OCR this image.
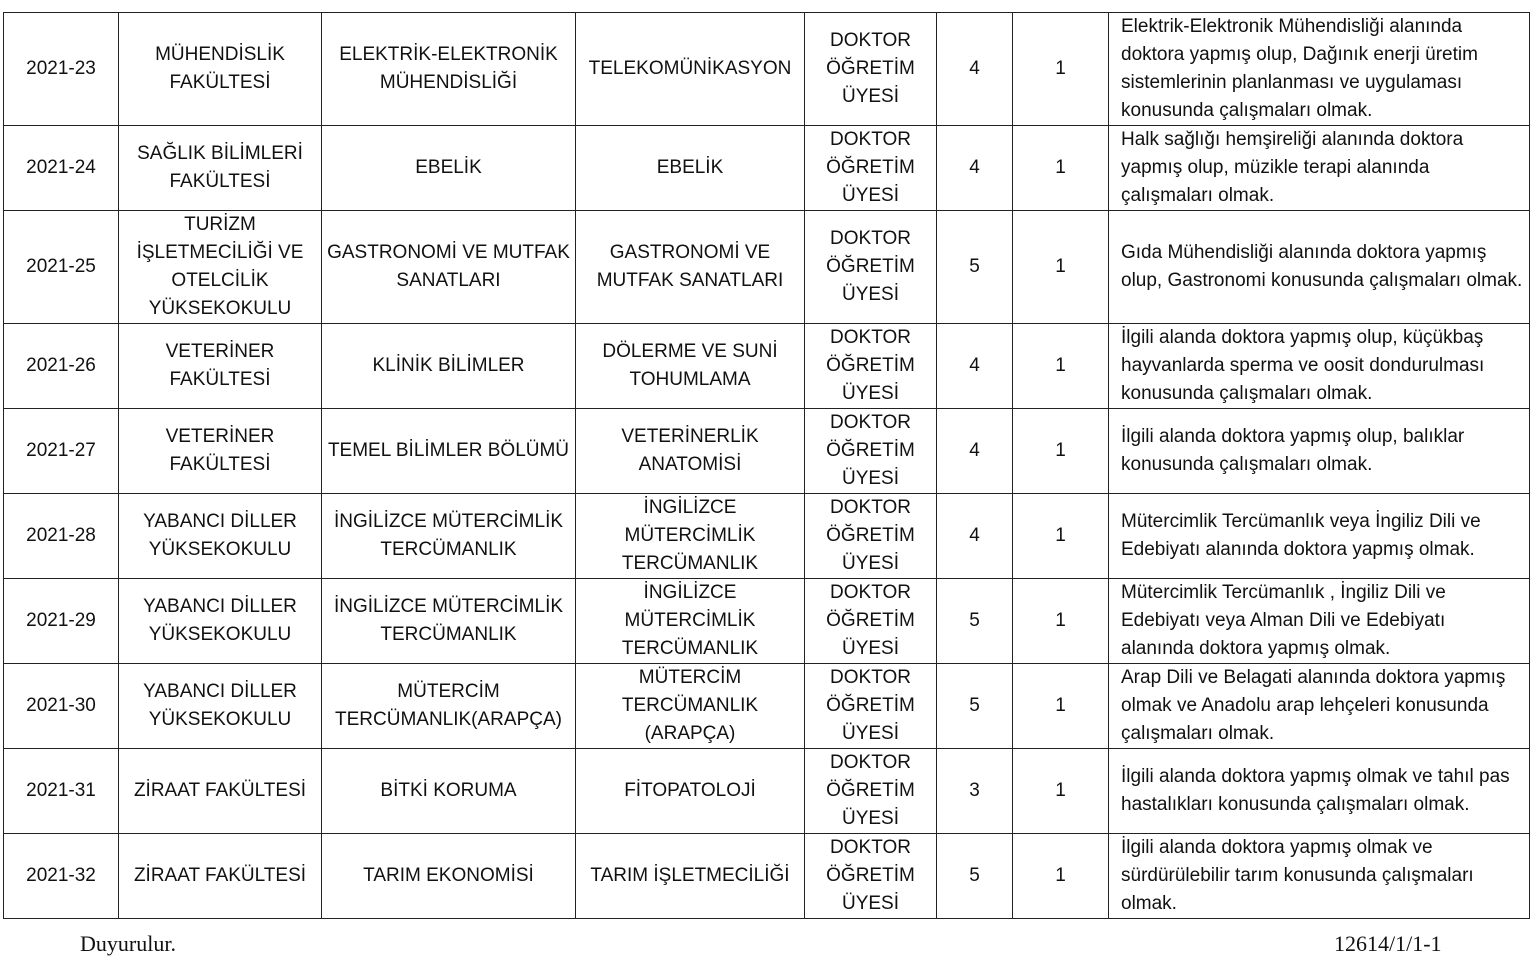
2021-23	MÜHENDİSLİK FAKÜLTESİ	ELEKTRİK-ELEKTRONİK MÜHENDİSLİĞİ	TELEKOMÜNİKASYON	DOKTOR ÖĞRETİM ÜYESİ	4	1	Elektrik-Elektronik Mühendisliği alanında doktora yapmış olup, Dağınık enerji üretim sistemlerinin planlanması ve uygulaması konusunda çalışmaları olmak.
2021-24	SAĞLIK BİLİMLERİ FAKÜLTESİ	EBELİK	EBELİK	DOKTOR ÖĞRETİM ÜYESİ	4	1	Halk sağlığı hemşireliği alanında doktora yapmış olup, müzikle terapi alanında çalışmaları olmak.
2021-25	TURİZM İŞLETMECİLİĞİ VE OTELCİLİK YÜKSEKOKULU	GASTRONOMİ VE MUTFAK SANATLARI	GASTRONOMİ VE MUTFAK SANATLARI	DOKTOR ÖĞRETİM ÜYESİ	5	1	Gıda Mühendisliği alanında doktora yapmış olup, Gastronomi konusunda çalışmaları olmak.
2021-26	VETERİNER FAKÜLTESİ	KLİNİK BİLİMLER	DÖLERME VE SUNİ TOHUMLAMA	DOKTOR ÖĞRETİM ÜYESİ	4	1	İlgili alanda doktora yapmış olup, küçükbaş hayvanlarda sperma ve oosit dondurulması konusunda çalışmaları olmak.
2021-27	VETERİNER FAKÜLTESİ	TEMEL BİLİMLER BÖLÜMÜ	VETERİNERLİK ANATOMİSİ	DOKTOR ÖĞRETİM ÜYESİ	4	1	İlgili alanda doktora yapmış olup, balıklar konusunda çalışmaları olmak.
2021-28	YABANCI DİLLER YÜKSEKOKULU	İNGİLİZCE MÜTERCİMLİK TERCÜMANLIK	İNGİLİZCE MÜTERCİMLİK TERCÜMANLIK	DOKTOR ÖĞRETİM ÜYESİ	4	1	Mütercimlik Tercümanlık veya İngiliz Dili ve Edebiyatı alanında doktora yapmış olmak.
2021-29	YABANCI DİLLER YÜKSEKOKULU	İNGİLİZCE MÜTERCİMLİK TERCÜMANLIK	İNGİLİZCE MÜTERCİMLİK TERCÜMANLIK	DOKTOR ÖĞRETİM ÜYESİ	5	1	Mütercimlik Tercümanlık , İngiliz Dili ve Edebiyatı veya Alman Dili ve Edebiyatı alanında doktora yapmış olmak.
2021-30	YABANCI DİLLER YÜKSEKOKULU	MÜTERCİM TERCÜMANLIK(ARAPÇA)	MÜTERCİM TERCÜMANLIK (ARAPÇA)	DOKTOR ÖĞRETİM ÜYESİ	5	1	Arap Dili ve Belagati alanında doktora yapmış olmak ve Anadolu arap lehçeleri konusunda çalışmaları olmak.
2021-31	ZİRAAT FAKÜLTESİ	BİTKİ KORUMA	FİTOPATOLOJİ	DOKTOR ÖĞRETİM ÜYESİ	3	1	İlgili alanda doktora yapmış olmak ve tahıl pas hastalıkları konusunda çalışmaları olmak.
2021-32	ZİRAAT FAKÜLTESİ	TARIM EKONOMİSİ	TARIM İŞLETMECİLİĞİ	DOKTOR ÖĞRETİM ÜYESİ	5	1	İlgili alanda doktora yapmış olmak ve sürdürülebilir tarım konusunda çalışmaları olmak.
Duyurulur.	12614/1/1-1
